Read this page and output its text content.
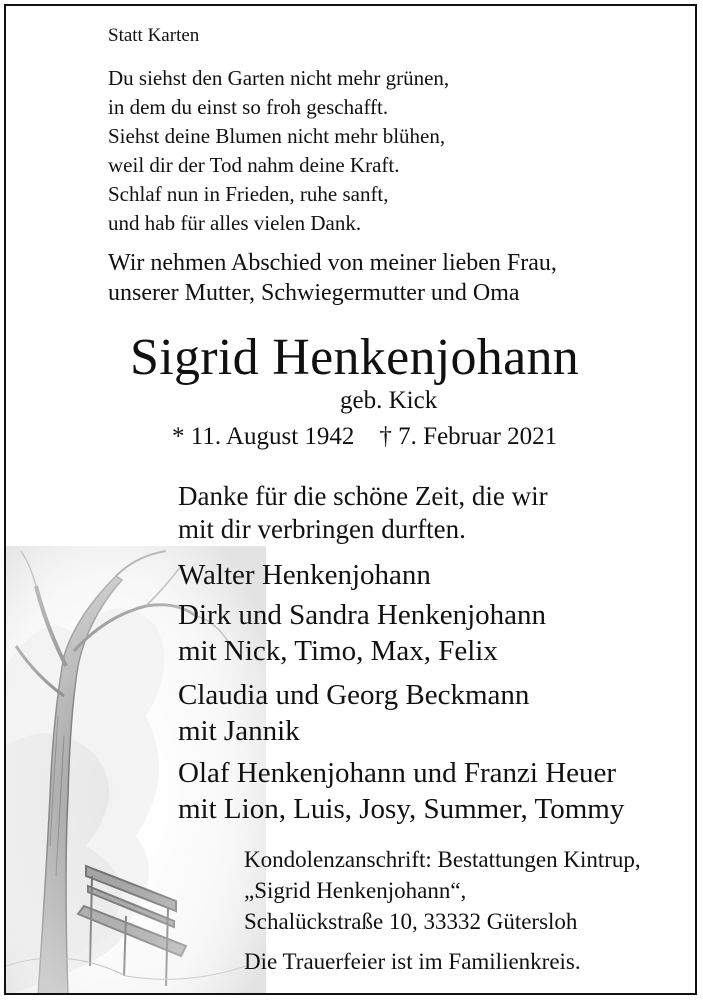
Statt Karten
Du siehst den Garten nicht mehr grünen,
in dem du einst so froh geschafft.
Siehst deine Blumen nicht mehr blühen,
weil dir der Tod nahm deine Kraft.
Schlaf nun in Frieden, ruhe sanft,
und hab für alles vielen Dank.
Wir nehmen Abschied von meiner lieben Frau,
unserer Mutter, Schwiegermutter und Oma
Sigrid Henkenjohann
geb. Kick
* 11. August 1942    † 7. Februar 2021
Danke für die schöne Zeit, die wir
mit dir verbringen durften.
Walter Henkenjohann
Dirk und Sandra Henkenjohann
mit Nick, Timo, Max, Felix
Claudia und Georg Beckmann
mit Jannik
Olaf Henkenjohann und Franzi Heuer
mit Lion, Luis, Josy, Summer, Tommy
Kondolenzanschrift: Bestattungen Kintrup,
„Sigrid Henkenjohann“,
Schalückstraße 10, 33332 Gütersloh
Die Trauerfeier ist im Familienkreis.
